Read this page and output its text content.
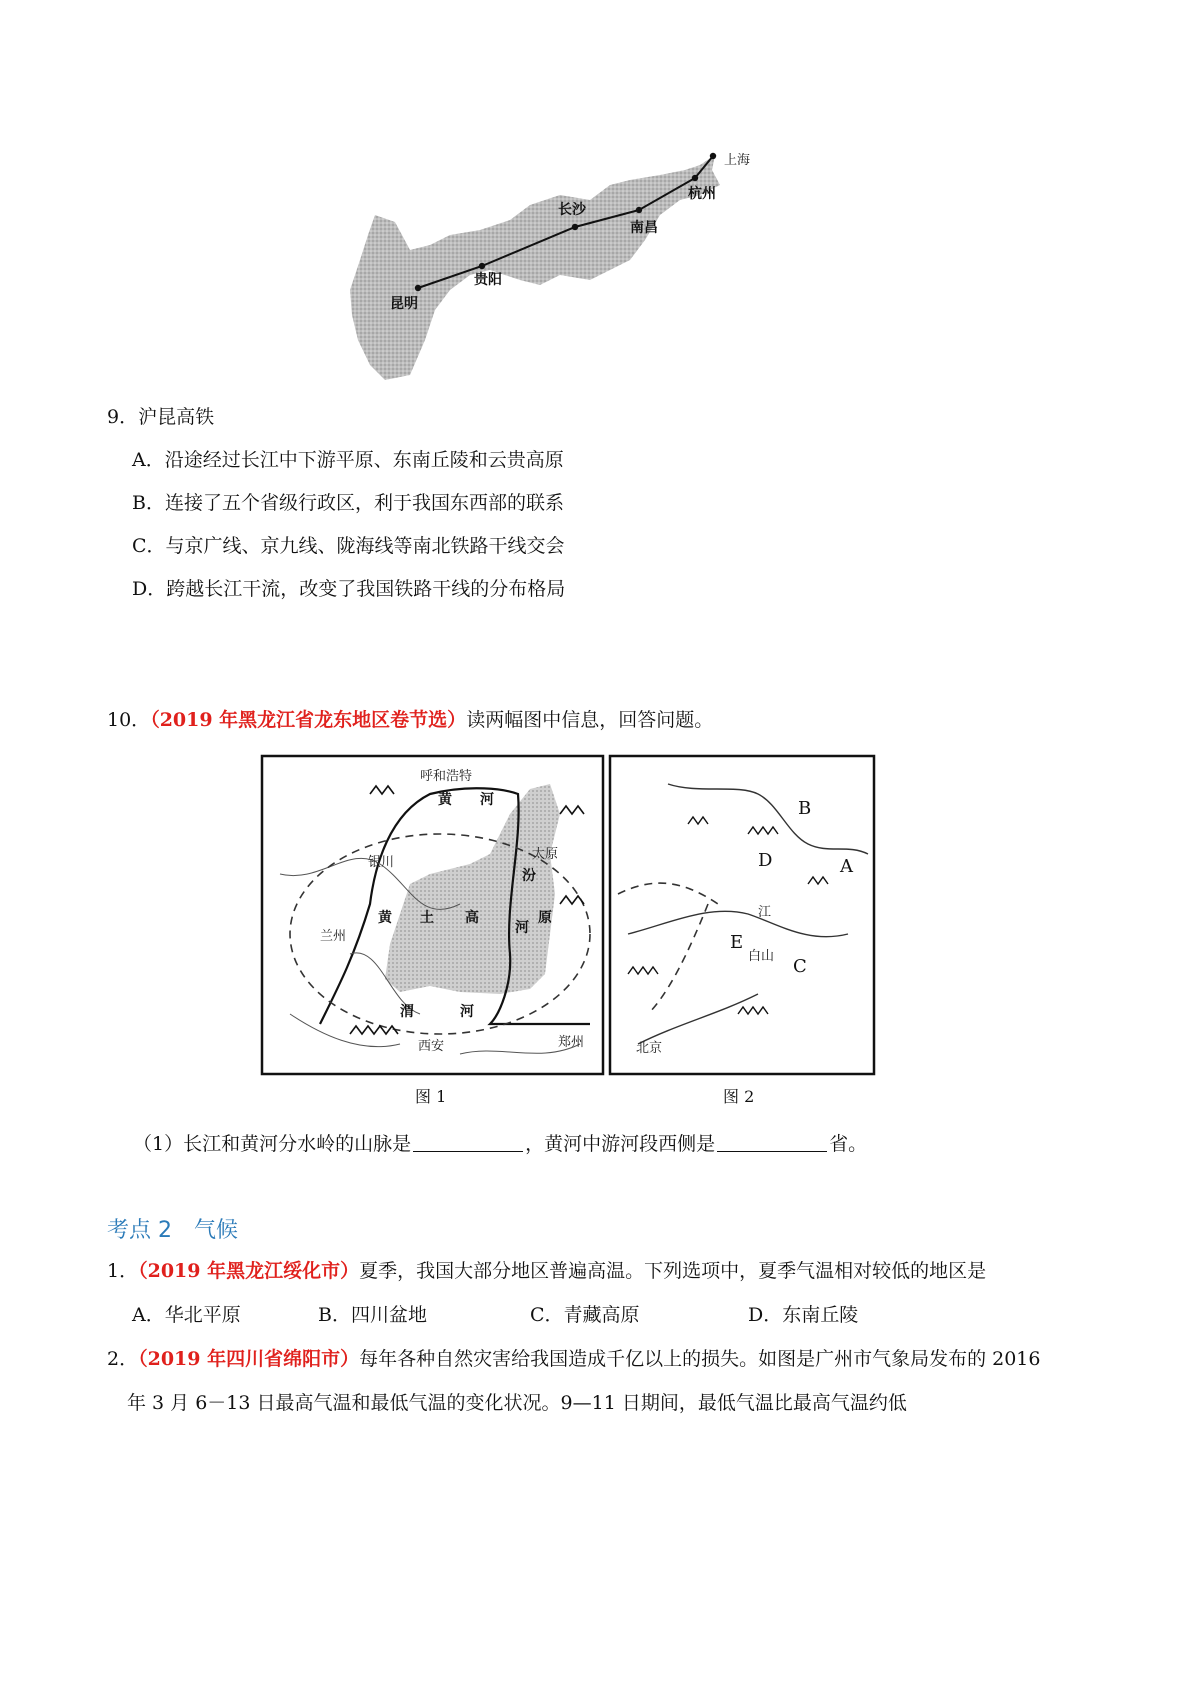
上海
杭州
南昌
长沙
贵阳
昆明
9．沪昆高铁
A．沿途经过长江中下游平原、东南丘陵和云贵高原
B．连接了五个省级行政区，利于我国东西部的联系
C．与京广线、京九线、陇海线等南北铁路干线交会
D．跨越长江干流，改变了我国铁路干线的分布格局
10．（2019 年黑龙江省龙东地区卷节选）读两幅图中信息，回答问题。
呼和浩特
黄 河
银川
太原
汾
河
兰州
黄 土 高	原
渭	河
西安	郑州
图 1
A
B
C
D
E
白山
江
北京
图 2
（1）长江和黄河分水岭的山脉是	，黄河中游河段西侧是	省。
考点 2　气候
1．（2019 年黑龙江绥化市）夏季，我国大部分地区普遍高温。下列选项中，夏季气温相对较低的地区是
A．华北平原	B．四川盆地	C．青藏高原	D．东南丘陵
2．（2019 年四川省绵阳市）每年各种自然灾害给我国造成千亿以上的损失。如图是广州市气象局发布的 2016
年 3 月 6－13 日最高气温和最低气温的变化状况。9—11 日期间，最低气温比最高气温约低
